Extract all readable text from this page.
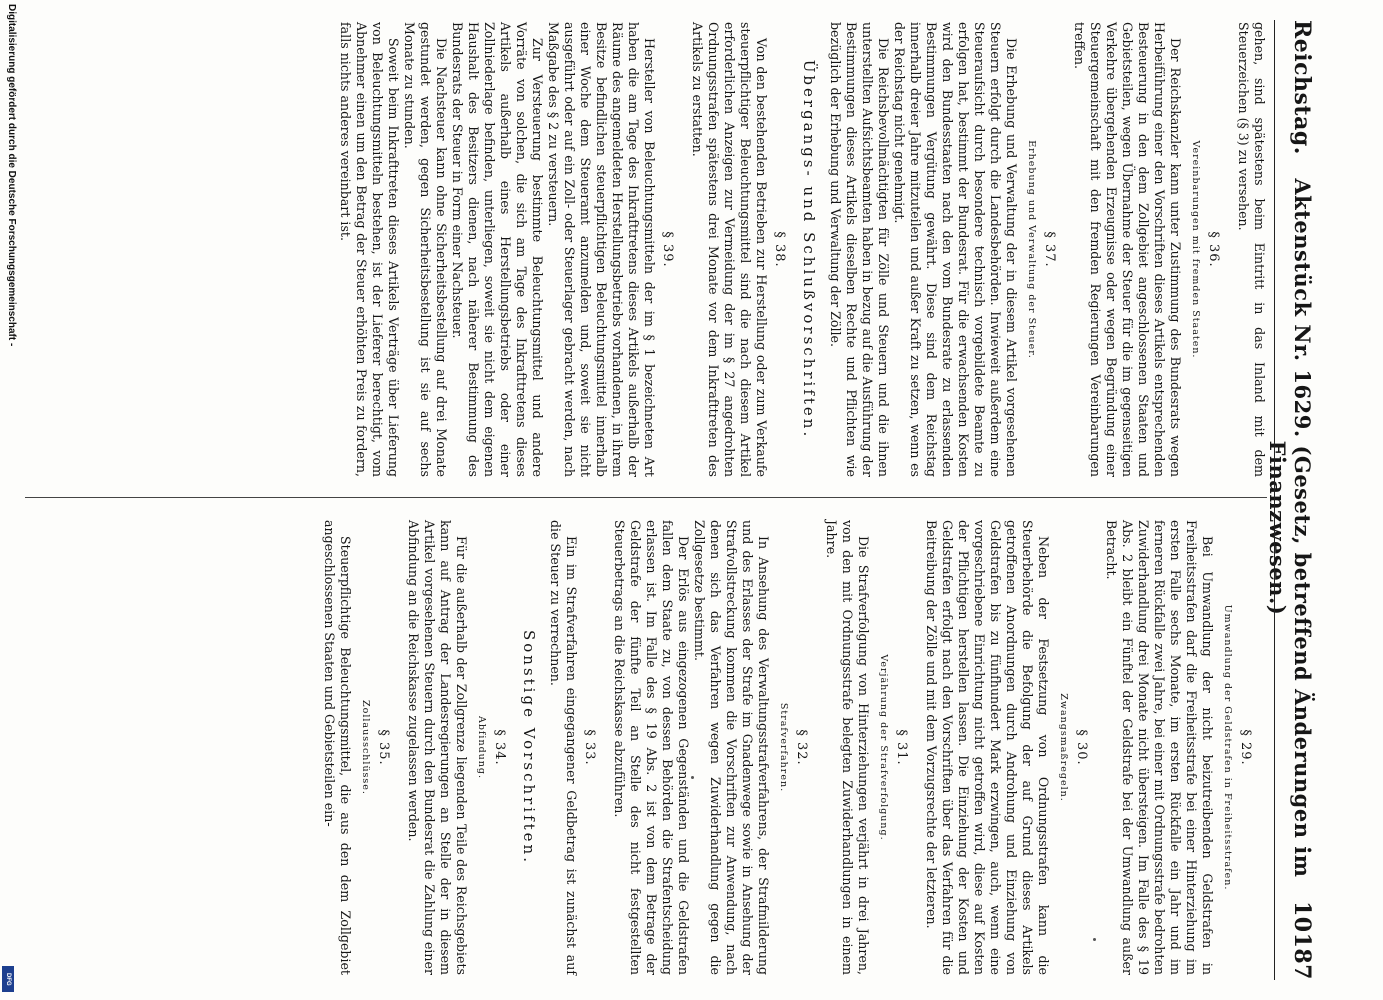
Reichstag.
Aktenstück Nr. 1629. (Gesetz, betreffend Änderungen im Finanzwesen.)
10187

gehen, sind spätestens beim Eintritt in das Inland mit dem Steuerzeichen (§ 3) zu versehen.

§ 36.
Vereinbarungen mit fremden Staaten.

Der Reichskanzler kann unter Zustimmung des Bundesrats wegen Herbeiführung einer den Vorschriften dieses Artikels entsprechenden Besteuerung in den dem Zollgebiet angeschlossenen Staaten und Gebietsteilen, wegen Übernahme der Steuer für die im gegenseitigen Verkehre übergehenden Erzeugnisse oder wegen Begründung einer Steuergemeinschaft mit den fremden Regierungen Vereinbarungen treffen.

§ 37.
Erhebung und Verwaltung der Steuer.

Die Erhebung und Verwaltung der in diesem Artikel vorgesehenen Steuern erfolgt durch die Landesbehörden. Inwieweit außerdem eine Steueraufsicht durch besondere technisch vorgebildete Beamte zu erfolgen hat, bestimmt der Bundesrat. Für die erwachsenden Kosten wird den Bundesstaaten nach den vom Bundesrate zu erlassenden Bestimmungen Vergütung gewährt. Diese sind dem Reichstag innerhalb dreier Jahre mitzuteilen und außer Kraft zu setzen, wenn es der Reichstag nicht genehmigt.

Die Reichsbevollmächtigten für Zölle und Steuern und die ihnen unterstellten Aufsichtsbeamten haben in bezug auf die Ausführung der Bestimmungen dieses Artikels dieselben Rechte und Pflichten wie bezüglich der Erhebung und Verwaltung der Zölle.

Übergangs- und Schlußvorschriften.
§ 38.

Von den bestehenden Betrieben zur Herstellung oder zum Verkaufe steuerpflichtiger Beleuchtungsmittel sind die nach diesem Artikel erforderlichen Anzeigen zur Vermeidung der im § 27 angedrohten Ordnungsstrafen spätestens drei Monate vor dem Inkrafttreten des Artikels zu erstatten.

§ 39.

Hersteller von Beleuchtungsmitteln der im § 1 bezeichneten Art haben die am Tage des Inkrafttretens dieses Artikels außerhalb der Räume des angemeldeten Herstellungsbetriebs vorhandenen, in ihrem Besitze befindlichen steuerpflichtigen Beleuchtungsmittel innerhalb einer Woche dem Steueramt anzumelden und, soweit sie nicht ausgeführt oder auf ein Zoll- oder Steuerlager gebracht werden, nach Maßgabe des § 2 zu versteuern.

Zur Versteuerung bestimmte Beleuchtungsmittel und andere Vorräte von solchen, die sich am Tage des Inkrafttretens dieses Artikels außerhalb eines Herstellungsbetriebs oder einer Zollniederlage befinden, unterliegen, soweit sie nicht dem eigenen Haushalt des Besitzers dienen, nach näherer Bestimmung des Bundesrats der Steuer in Form einer Nachsteuer.

Die Nachsteuer kann ohne Sicherheitsbestellung auf drei Monate gestundet werden, gegen Sicherheitsbestellung ist sie auf sechs Monate zu stunden.

Soweit beim Inkrafttreten dieses Artikels Verträge über Lieferung von Beleuchtungsmitteln bestehen, ist der Lieferer berechtigt, vom Abnehmer einen um den Betrag der Steuer erhöhten Preis zu fordern, falls nichts anderes vereinbart ist.

§ 29.
Umwandlung der Geldstrafen in Freiheitsstrafen.

Bei Umwandlung der nicht beizutreibenden Geldstrafen in Freiheitsstrafen darf die Freiheitsstrafe bei einer Hinterziehung im ersten Falle sechs Monate, im ersten Rückfalle ein Jahr und im ferneren Rückfalle zwei Jahre, bei einer mit Ordnungsstrafe bedrohten Zuwiderhandlung drei Monate nicht übersteigen. Im Falle des § 19 Abs. 2 bleibt ein Fünftel der Geldstrafe bei der Umwandlung außer Betracht.

§ 30.
Zwangsmaßregeln.

Neben der Festsetzung von Ordnungsstrafen kann die Steuerbehörde die Befolgung der auf Grund dieses Artikels getroffenen Anordnungen durch Androhung und Einziehung von Geldstrafen bis zu fünfhundert Mark erzwingen, auch, wenn eine vorgeschriebene Einrichtung nicht getroffen wird, diese auf Kosten der Pflichtigen herstellen lassen. Die Einziehung der Kosten und Geldstrafen erfolgt nach den Vorschriften über das Verfahren für die Beitreibung der Zölle und mit dem Vorzugsrechte der letzteren.

§ 31.
Verjährung der Strafverfolgung.

Die Strafverfolgung von Hinterziehungen verjährt in drei Jahren, von den mit Ordnungsstrafe belegten Zuwiderhandlungen in einem Jahre.

§ 32.
Strafverfahren.

In Ansehung des Verwaltungsstrafverfahrens, der Strafmilderung und des Erlasses der Strafe im Gnadenwege sowie in Ansehung der Strafvollstreckung kommen die Vorschriften zur Anwendung, nach denen sich das Verfahren wegen Zuwiderhandlung gegen die Zollgesetze bestimmt.

Der Erlös aus eingezogenen Gegenständen und die Geldstrafen fallen dem Staate zu, von dessen Behörden die Strafentscheidung erlassen ist. Im Falle des § 19 Abs. 2 ist von dem Betrage der Geldstrafe der fünfte Teil an Stelle des nicht festgestellten Steuerbetrags an die Reichskasse abzuführen.

§ 33.

Ein im Strafverfahren eingegangener Geldbetrag ist zunächst auf die Steuer zu verrechnen.

Sonstige Vorschriften.
§ 34.
Abfindung.

Für die außerhalb der Zollgrenze liegenden Teile des Reichsgebiets kann auf Antrag der Landesregierungen an Stelle der in diesem Artikel vorgesehenen Steuern durch den Bundesrat die Zahlung einer Abfindung an die Reichskasse zugelassen werden.

§ 35.
Zollausschlüsse.

Steuerpflichtige Beleuchtungsmittel, die aus den dem Zollgebiet angeschlossenen Staaten und Gebietsteilen ein-

Digitalisierung gefördert durch die Deutsche Forschungsgemeinschaft -
DFG
